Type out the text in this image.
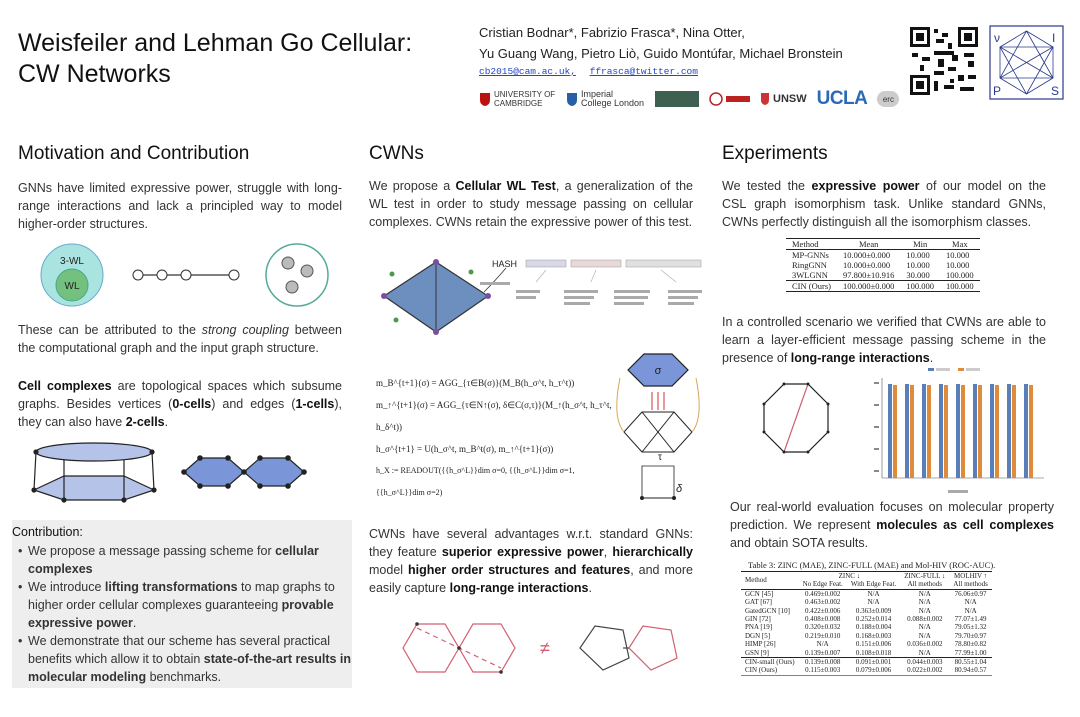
Weisfeiler and Lehman Go Cellular:
CW Networks
Cristian Bodnar*, Fabrizio Frasca*, Nina Otter,
Yu Guang Wang, Pietro Liò, Guido Montúfar, Michael Bronstein
cb2015@cam.ac.uk, ffrasca@twitter.com
UNIVERSITY OF CAMBRIDGE
Imperial College London	UNSW UCLA	erc
ν	I
P	S
Motivation and Contribution
GNNs have limited expressive power, struggle with long-range interactions and lack a principled way to model higher-order structures.
3-WL
WL
These can be attributed to the strong coupling between the computational graph and the input graph structure.
Cell complexes are topological spaces which subsume graphs. Besides vertices (0-cells) and edges (1-cells), they can also have 2-cells.
Contribution:
• We propose a message passing scheme for cellular complexes
• We introduce lifting transformations to map graphs to higher order cellular complexes guaranteeing provable expressive power.
• We demonstrate that our scheme has several practical benefits which allow it to obtain state-of-the-art results in molecular modeling benchmarks.
CWNs
We propose a Cellular WL Test, a generalization of the WL test in order to study message passing on cellular complexes. CWNs retain the expressive power of this test.
HASH
m_B^{t+1}(σ) = AGG_{τ∈B(σ)}(M_B(h_σ^t, h_τ^t))
m_↑^{t+1}(σ) = AGG_{τ∈N↑(σ), δ∈C(σ,τ)}(M_↑(h_σ^t, h_τ^t, h_δ^t))
h_σ^{t+1} = U(h_σ^t, m_B^t(σ), m_↑^{t+1}(σ))
h_X := READOUT({{h_σ^L}}dim σ=0, {{h_σ^L}}dim σ=1, {{h_σ^L}}dim σ=2)
σ
τ
δ
CWNs have several advantages w.r.t. standard GNNs: they feature superior expressive power, hierarchically model higher order structures and features, and more easily capture long-range interactions.
≠
Experiments
We tested the expressive power of our model on the CSL graph isomorphism task. Unlike standard GNNs, CWNs perfectly distinguish all the isomorphism classes.
Method	Mean	Min	Max
MP-GNNs	10.000±0.000	10.000	10.000
RingGNN	10.000±0.000	10.000	10.000
3WLGNN	97.800±10.916	30.000	100.000
CIN (Ours)	100.000±0.000	100.000	100.000
In a controlled scenario we verified that CWNs are able to learn a layer-efficient message passing scheme in the presence of long-range interactions.
Our real-world evaluation focuses on molecular property prediction. We represent molecules as cell complexes and obtain SOTA results.
Table 3: ZINC (MAE), ZINC-FULL (MAE) and Mol-HIV (ROC-AUC).
Method	ZINC ↓		ZINC-FULL ↓	MOLHIV ↑
	No Edge Feat.	With Edge Feat.	All methods	All methods
GCN [45]	0.469±0.002	N/A	N/A	76.06±0.97
GAT [67]	0.463±0.002	N/A	N/A	N/A
GatedGCN [10]	0.422±0.006	0.363±0.009	N/A	N/A
GIN [72]	0.408±0.008	0.252±0.014	0.088±0.002	77.07±1.49
PNA [19]	0.320±0.032	0.188±0.004	N/A	79.05±1.32
DGN [5]	0.219±0.010	0.168±0.003	N/A	79.70±0.97
HIMP [26]	N/A	0.151±0.006	0.036±0.002	78.80±0.82
GSN [9]	0.139±0.007	0.108±0.018	N/A	77.99±1.00
CIN-small (Ours)	0.139±0.008	0.091±0.001	0.044±0.003	80.55±1.04
CIN (Ours)	0.115±0.003	0.079±0.006	0.022±0.002	80.94±0.57
